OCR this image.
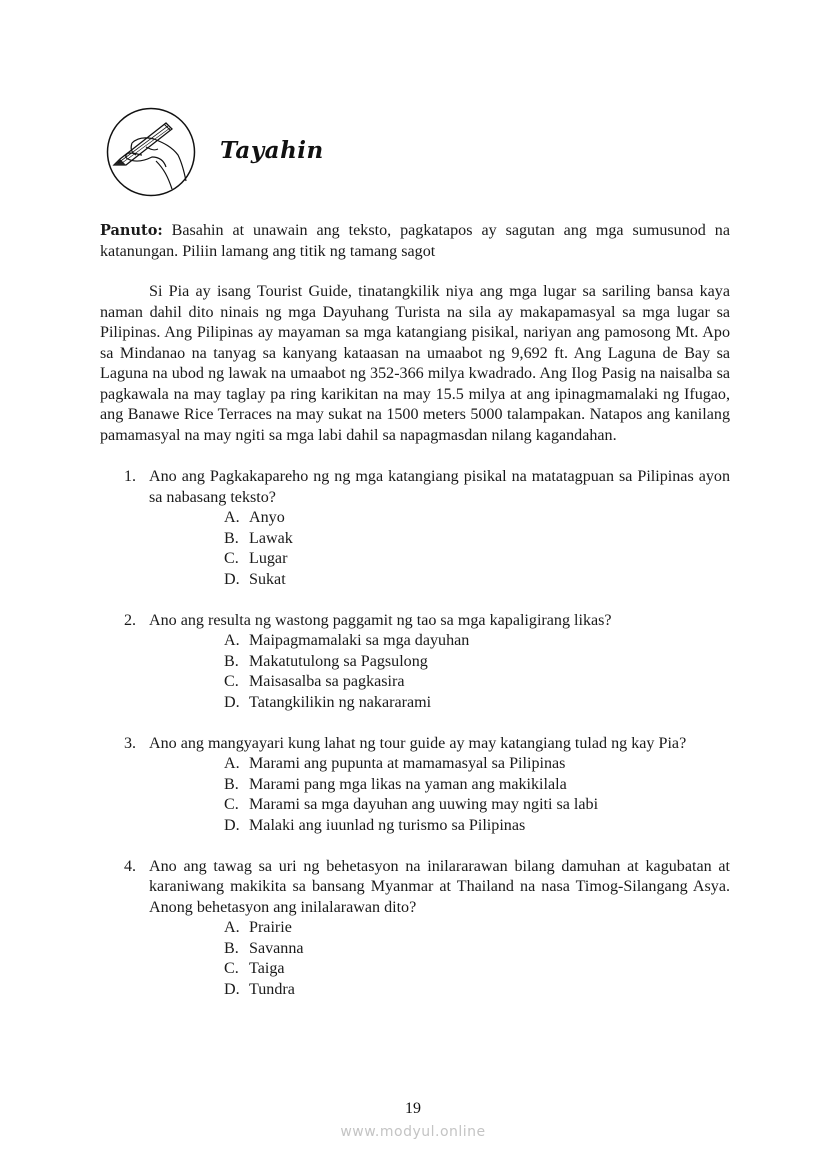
Tayahin

Panuto: Basahin at unawain ang teksto, pagkatapos ay sagutan ang mga sumusunod na katanungan. Piliin lamang ang titik ng tamang sagot

Si Pia ay isang Tourist Guide, tinatangkilik niya ang mga lugar sa sariling bansa kaya naman dahil dito ninais ng mga Dayuhang Turista na sila ay makapamasyal sa mga lugar sa Pilipinas. Ang Pilipinas ay mayaman sa mga katangiang pisikal, nariyan ang pamosong Mt. Apo sa Mindanao na tanyag sa kanyang kataasan na umaabot ng 9,692 ft. Ang Laguna de Bay sa Laguna na ubod ng lawak na umaabot ng 352-366 milya kwadrado. Ang Ilog Pasig na naisalba sa pagkawala na may taglay pa ring karikitan na may 15.5 milya at ang ipinagmamalaki ng Ifugao, ang Banawe Rice Terraces na may sukat na 1500 meters 5000 talampakan. Natapos ang kanilang pamamasyal na may ngiti sa mga labi dahil sa napagmasdan nilang kagandahan.

1. Ano ang Pagkakapareho ng ng mga katangiang pisikal na matatagpuan sa Pilipinas ayon sa nabasang teksto?
A. Anyo
B. Lawak
C. Lugar
D. Sukat
2. Ano ang resulta ng wastong paggamit ng tao sa mga kapaligirang likas?
A. Maipagmamalaki sa mga dayuhan
B. Makatutulong sa Pagsulong
C. Maisasalba sa pagkasira
D. Tatangkilikin ng nakararami
3. Ano ang mangyayari kung lahat ng tour guide ay may katangiang tulad ng kay Pia?
A. Marami ang pupunta at mamamasyal sa Pilipinas
B. Marami pang mga likas na yaman ang makikilala
C. Marami sa mga dayuhan ang uuwing may ngiti sa labi
D. Malaki ang iuunlad ng turismo sa Pilipinas
4. Ano ang tawag sa uri ng behetasyon na inilararawan bilang damuhan at kagubatan at karaniwang makikita sa bansang Myanmar at Thailand na nasa Timog-Silangang Asya. Anong behetasyon ang inilalarawan dito?
A. Prairie
B. Savanna
C. Taiga
D. Tundra
19
www.modyul.online
